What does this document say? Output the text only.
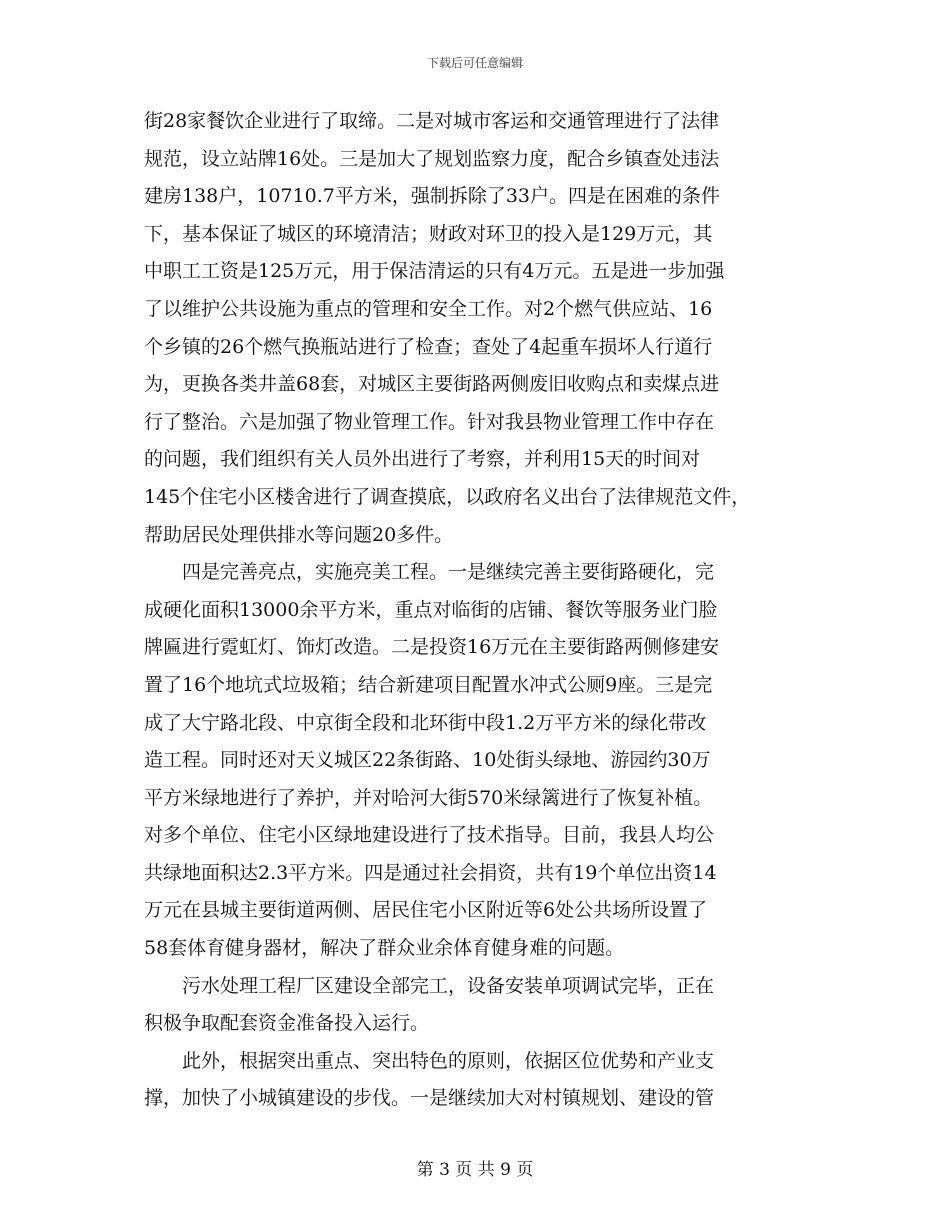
下载后可任意编辑
街28家餐饮企业进行了取缔。二是对城市客运和交通管理进行了法律
规范，设立站牌16处。三是加大了规划监察力度，配合乡镇查处违法
建房138户，10710.7平方米，强制拆除了33户。四是在困难的条件
下，基本保证了城区的环境清洁；财政对环卫的投入是129万元，其
中职工工资是125万元，用于保洁清运的只有4万元。五是进一步加强
了以维护公共设施为重点的管理和安全工作。对2个燃气供应站、16
个乡镇的26个燃气换瓶站进行了检查；查处了4起重车损坏人行道行
为，更换各类井盖68套，对城区主要街路两侧废旧收购点和卖煤点进
行了整治。六是加强了物业管理工作。针对我县物业管理工作中存在
的问题，我们组织有关人员外出进行了考察，并利用15天的时间对
145个住宅小区楼舍进行了调查摸底，以政府名义出台了法律规范文件，
帮助居民处理供排水等问题20多件。
　　四是完善亮点，实施亮美工程。一是继续完善主要街路硬化，完
成硬化面积13000余平方米，重点对临街的店铺、餐饮等服务业门脸
牌匾进行霓虹灯、饰灯改造。二是投资16万元在主要街路两侧修建安
置了16个地坑式垃圾箱；结合新建项目配置水冲式公厕9座。三是完
成了大宁路北段、中京街全段和北环街中段1.2万平方米的绿化带改
造工程。同时还对天义城区22条街路、10处街头绿地、游园约30万
平方米绿地进行了养护，并对哈河大街570米绿篱进行了恢复补植。
对多个单位、住宅小区绿地建设进行了技术指导。目前，我县人均公
共绿地面积达2.3平方米。四是通过社会捐资，共有19个单位出资14
万元在县城主要街道两侧、居民住宅小区附近等6处公共场所设置了
58套体育健身器材，解决了群众业余体育健身难的问题。
　　污水处理工程厂区建设全部完工，设备安装单项调试完毕，正在
积极争取配套资金准备投入运行。
　　此外，根据突出重点、突出特色的原则，依据区位优势和产业支
撑，加快了小城镇建设的步伐。一是继续加大对村镇规划、建设的管
第 3 页 共 9 页
